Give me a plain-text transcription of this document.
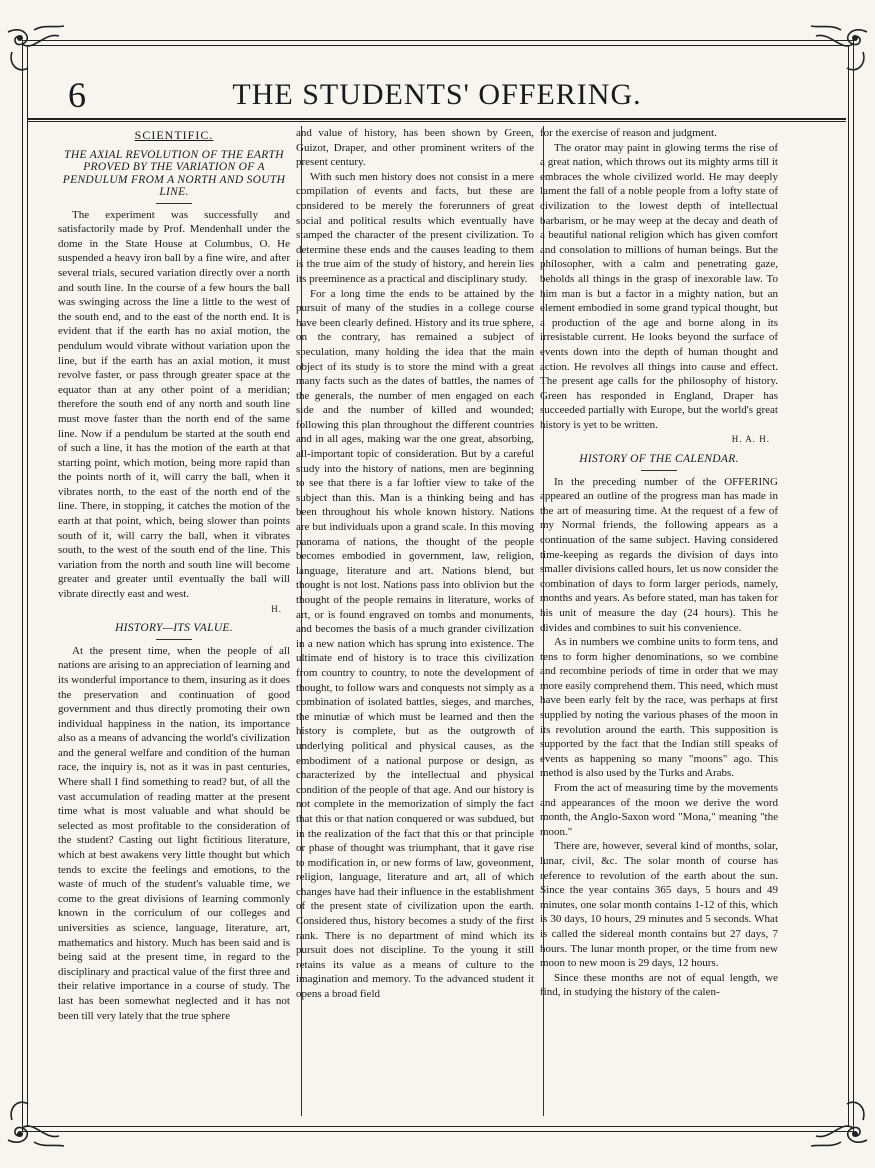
THE STUDENTS' OFFERING.
6
SCIENTIFIC.
THE AXIAL REVOLUTION OF THE EARTH PROVED BY THE VARIATION OF A PENDULUM FROM A NORTH AND SOUTH LINE.

The experiment was successfully and satisfactorily made by Prof. Mendenhall under the dome in the State House at Columbus, O. He suspended a heavy iron ball by a fine wire, and after several trials, secured variation directly over a north and south line. In the course of a few hours the ball was swinging across the line a little to the west of the south end, and to the east of the north end. It is evident that if the earth has no axial motion, the pendulum would vibrate without variation upon the line, but if the earth has an axial motion, it must revolve faster, or pass through greater space at the equator than at any other point of a meridian; therefore the south end of any north and south line must move faster than the north end of the same line. Now if a pendulum be started at the south end of such a line, it has the motion of the earth at that starting point, which motion, being more rapid than the points north of it, will carry the ball, when it vibrates north, to the east of the north end of the line. There, in stopping, it catches the motion of the earth at that point, which, being slower than points south of it, will carry the ball, when it vibrates south, to the west of the south end of the line. This variation from the north and south line will become greater and greater until eventually the ball will vibrate directly east and west.

H.
HISTORY—ITS VALUE.

At the present time, when the people of all nations are arising to an appreciation of learning and its wonderful importance to them, insuring as it does the preservation and continuation of good government and thus directly promoting their own individual happiness in the nation, its importance also as a means of advancing the world's civilization and the general welfare and condition of the human race, the inquiry is, not as it was in past centuries, Where shall I find something to read? but, of all the vast accumulation of reading matter at the present time what is most valuable and what should be selected as most profitable to the consideration of the student? Casting out light fictitious literature, which at best awakens very little thought but which tends to excite the feelings and emotions, to the waste of much of the student's valuable time, we come to the great divisions of learning commonly known in the corriculum of our colleges and universities as science, language, literature, art, mathematics and history. Much has been said and is being said at the present time, in regard to the disciplinary and practical value of the first three and their relative importance in a course of study. The last has been somewhat neglected and it has not been till very lately that the true sphere

and value of history, has been shown by Green, Guizot, Draper, and other prominent writers of the present century.

With such men history does not consist in a mere compilation of events and facts, but these are considered to be merely the forerunners of great social and political results which eventually have stamped the character of the present civilization. To determine these ends and the causes leading to them is the true aim of the study of history, and herein lies its preeminence as a practical and disciplinary study.

For a long time the ends to be attained by the pursuit of many of the studies in a college course have been clearly defined. History and its true sphere, on the contrary, has remained a subject of speculation, many holding the idea that the main object of its study is to store the mind with a great many facts such as the dates of battles, the names of the generals, the number of men engaged on each side and the number of killed and wounded; following this plan throughout the different countries and in all ages, making war the one great, absorbing, all-important topic of consideration. But by a careful study into the history of nations, men are beginning to see that there is a far loftier view to take of the subject than this. Man is a thinking being and has been throughout his whole known history. Nations are but individuals upon a grand scale. In this moving panorama of nations, the thought of the people becomes embodied in government, law, religion, language, literature and art. Nations blend, but thought is not lost. Nations pass into oblivion but the thought of the people remains in literature, works of art, or is found engraved on tombs and monuments, and becomes the basis of a much grander civilization in a new nation which has sprung into existence. The ultimate end of history is to trace this civilization from country to country, to note the development of thought, to follow wars and conquests not simply as a combination of isolated battles, sieges, and marches, the minutiæ of which must be learned and then the history is complete, but as the outgrowth of underlying political and physical causes, as the embodiment of a national purpose or design, as characterized by the intellectual and physical condition of the people of that age. And our history is not complete in the memorization of simply the fact that this or that nation conquered or was subdued, but in the realization of the fact that this or that principle or phase of thought was triumphant, that it gave rise to modification in, or new forms of law, goveonment, religion, language, literature and art, all of which changes have had their influence in the establishment of the present state of civilization upon the earth. Considered thus, history becomes a study of the first rank. There is no department of mind which its pursuit does not discipline. To the young it still retains its value as a means of culture to the imagination and memory. To the advanced student it opens a broad field

for the exercise of reason and judgment.

The orator may paint in glowing terms the rise of a great nation, which throws out its mighty arms till it embraces the whole civilized world. He may deeply lament the fall of a noble people from a lofty state of civilization to the lowest depth of intellectual barbarism, or he may weep at the decay and death of a beautiful national religion which has given comfort and consolation to millions of human beings. But the philosopher, with a calm and penetrating gaze, beholds all things in the grasp of inexorable law. To him man is but a factor in a mighty nation, but an element embodied in some grand typical thought, but a production of the age and borne along in its irresistable current. He looks beyond the surface of events down into the depth of human thought and action. He revolves all things into cause and effect. The present age calls for the philosophy of history. Green has responded in England, Draper has succeeded partially with Europe, but the world's great history is yet to be written.

H. A. H.
HISTORY OF THE CALENDAR.

In the preceding number of the OFFERING appeared an outline of the progress man has made in the art of measuring time. At the request of a few of my Normal friends, the following appears as a continuation of the same subject. Having considered time-keeping as regards the division of days into smaller divisions called hours, let us now consider the combination of days to form larger periods, namely, months and years. As before stated, man has taken for his unit of measure the day (24 hours). This he divides and combines to suit his convenience.

As in numbers we combine units to form tens, and tens to form higher denominations, so we combine and recombine periods of time in order that we may more easily comprehend them. This need, which must have been early felt by the race, was perhaps at first supplied by noting the various phases of the moon in its revolution around the earth. This supposition is supported by the fact that the Indian still speaks of events as happening so many "moons" ago. This method is also used by the Turks and Arabs.

From the act of measuring time by the movements and appearances of the moon we derive the word month, the Anglo-Saxon word "Mona," meaning "the moon."

There are, however, several kind of months, solar, lunar, civil, &c. The solar month of course has reference to revolution of the earth about the sun. Since the year contains 365 days, 5 hours and 49 minutes, one solar month contains 1-12 of this, which is 30 days, 10 hours, 29 minutes and 5 seconds. What is called the sidereal month contains but 27 days, 7 hours. The lunar month proper, or the time from new moon to new moon is 29 days, 12 hours.

Since these months are not of equal length, we find, in studying the history of the calen-
